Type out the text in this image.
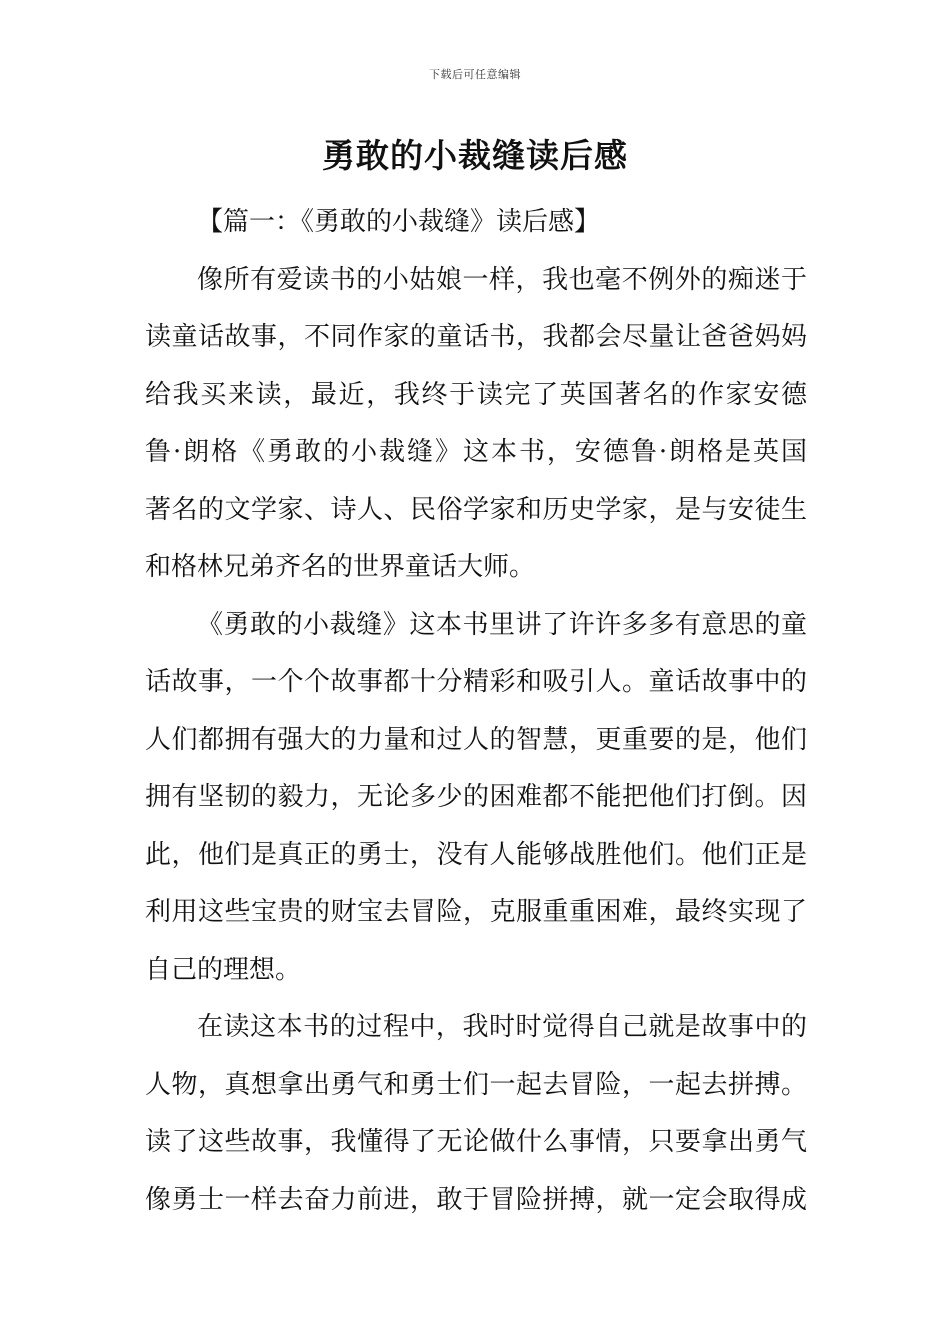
下载后可任意编辑
勇敢的小裁缝读后感

【篇一：《勇敢的小裁缝》读后感】

像所有爱读书的小姑娘一样，我也毫不例外的痴迷于
读童话故事，不同作家的童话书，我都会尽量让爸爸妈妈
给我买来读，最近，我终于读完了英国著名的作家安德
鲁·朗格《勇敢的小裁缝》这本书，安德鲁·朗格是英国
著名的文学家、诗人、民俗学家和历史学家，是与安徒生
和格林兄弟齐名的世界童话大师。

《勇敢的小裁缝》这本书里讲了许许多多有意思的童
话故事，一个个故事都十分精彩和吸引人。童话故事中的
人们都拥有强大的力量和过人的智慧，更重要的是，他们
拥有坚韧的毅力，无论多少的困难都不能把他们打倒。因
此，他们是真正的勇士，没有人能够战胜他们。他们正是
利用这些宝贵的财宝去冒险，克服重重困难，最终实现了
自己的理想。

在读这本书的过程中，我时时觉得自己就是故事中的
人物，真想拿出勇气和勇士们一起去冒险，一起去拼搏。
读了这些故事，我懂得了无论做什么事情，只要拿出勇气
像勇士一样去奋力前进，敢于冒险拼搏，就一定会取得成
